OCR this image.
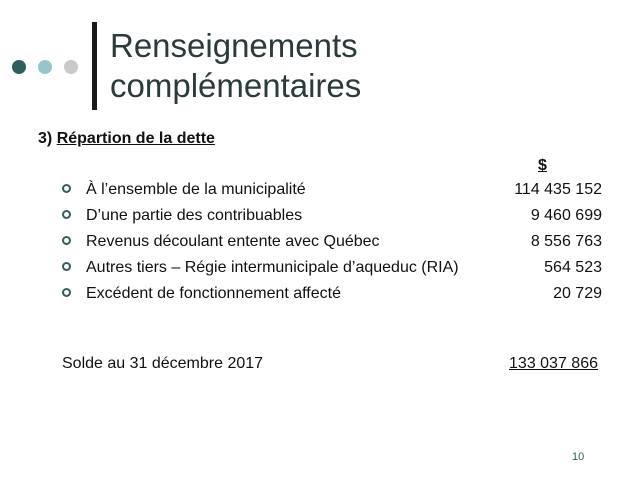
Renseignements
complémentaires
3) Répartion de la dette
$
À l’ensemble de la municipalité	114 435 152
D’une partie des contribuables	9 460 699
Revenus découlant entente avec Québec	8 556 763
Autres tiers – Régie intermunicipale d’aqueduc (RIA)	564 523
Excédent de fonctionnement affecté	20 729
Solde au 31 décembre 2017	133 037 866
10
